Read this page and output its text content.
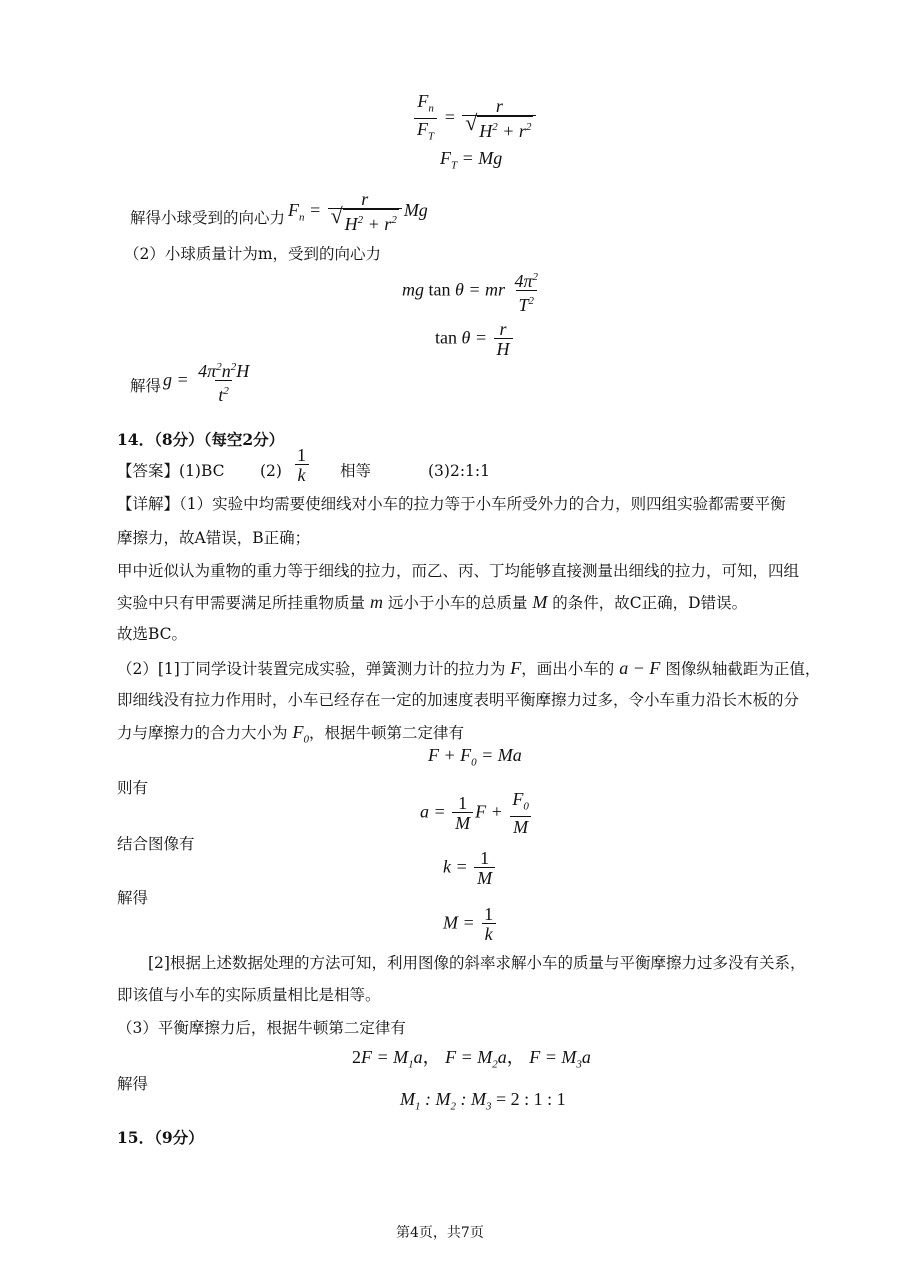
$\frac{F_n}{F_T} = r$
√ $H^2 + r^2$
$F_T = Mg$
解得小球受到的向心力 $F_n = r$
√ $H^2 + r^2$ Mg
（2）小球质量计为m，受到的向心力
mg tan θ = mr $\frac{4\pi^2}{T^2}$
$\tan \theta = \frac{r}{H}$
解得 $g = \frac{4\pi^2n^2H}{t^2}$
14．（8分）（每空2分）
【答案】(1)BC $(2) \frac{1}{k}$ 相等	(3)2:1:1
【详解】（1）实验中均需要使细线对小车的拉力等于小车所受外力的合力，则四组实验都需要平衡
摩擦力，故A错误，B正确；
甲中近似认为重物的重力等于细线的拉力，而乙、丙、丁均能够直接测量出细线的拉力，可知，四组
实验中只有甲需要满足所挂重物质量 m 远小于小车的总质量 M 的条件，故C正确，D错误。
故选BC。
（2）[1]丁同学设计装置完成实验，弹簧测力计的拉力为 F，画出小车的 a − F 图像纵轴截距为正值，
即细线没有拉力作用时，小车已经存在一定的加速度表明平衡摩擦力过多，令小车重力沿长木板的分
力与摩擦力的合力大小为 $F_0$，根据牛顿第二定律有
$F + F_0 = Ma$
则有
$a = \frac{1}{M}$ $F + \frac{F_0}{M}$
结合图像有
$k = \frac{1}{M}$
解得
$M = \frac{1}{k}$
[2]根据上述数据处理的方法可知，利用图像的斜率求解小车的质量与平衡摩擦力过多没有关系，
即该值与小车的实际质量相比是相等。
（3）平衡摩擦力后，根据牛顿第二定律有
$2F = M_1a$， $F = M_2a$， $F = M_3a$
解得
$M_1$ : $M_2$ : $M_3 = 2$ : 1 : 1
15．（9分）
第4页，共7页
